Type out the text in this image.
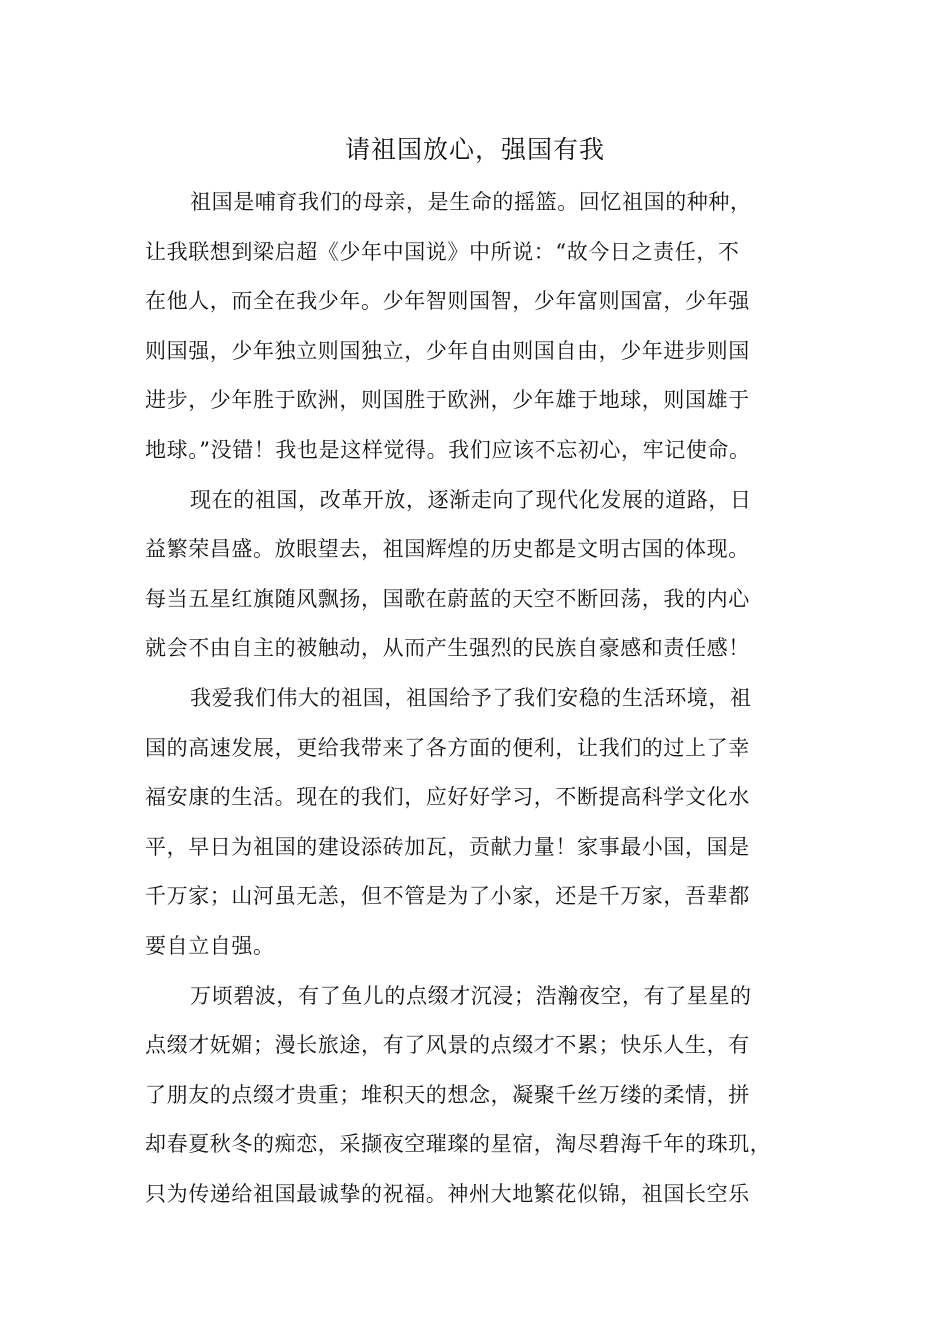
请祖国放心，强国有我
祖国是哺育我们的母亲，是生命的摇篮。回忆祖国的种种，
让我联想到梁启超《少年中国说》中所说：“故今日之责任，不
在他人，而全在我少年。少年智则国智，少年富则国富，少年强
则国强，少年独立则国独立，少年自由则国自由，少年进步则国
进步，少年胜于欧洲，则国胜于欧洲，少年雄于地球，则国雄于
地球。”没错！我也是这样觉得。我们应该不忘初心，牢记使命。
现在的祖国，改革开放，逐渐走向了现代化发展的道路，日
益繁荣昌盛。放眼望去，祖国辉煌的历史都是文明古国的体现。
每当五星红旗随风飘扬，国歌在蔚蓝的天空不断回荡，我的内心
就会不由自主的被触动，从而产生强烈的民族自豪感和责任感！
我爱我们伟大的祖国，祖国给予了我们安稳的生活环境，祖
国的高速发展，更给我带来了各方面的便利，让我们的过上了幸
福安康的生活。现在的我们，应好好学习，不断提高科学文化水
平，早日为祖国的建设添砖加瓦，贡献力量！家事最小国，国是
千万家；山河虽无恙，但不管是为了小家，还是千万家，吾辈都
要自立自强。
万顷碧波，有了鱼儿的点缀才沉浸；浩瀚夜空，有了星星的
点缀才妩媚；漫长旅途，有了风景的点缀才不累；快乐人生，有
了朋友的点缀才贵重；堆积天的想念，凝聚千丝万缕的柔情，拼
却春夏秋冬的痴恋，采撷夜空璀璨的星宿，淘尽碧海千年的珠玑，
只为传递给祖国最诚挚的祝福。神州大地繁花似锦，祖国长空乐
